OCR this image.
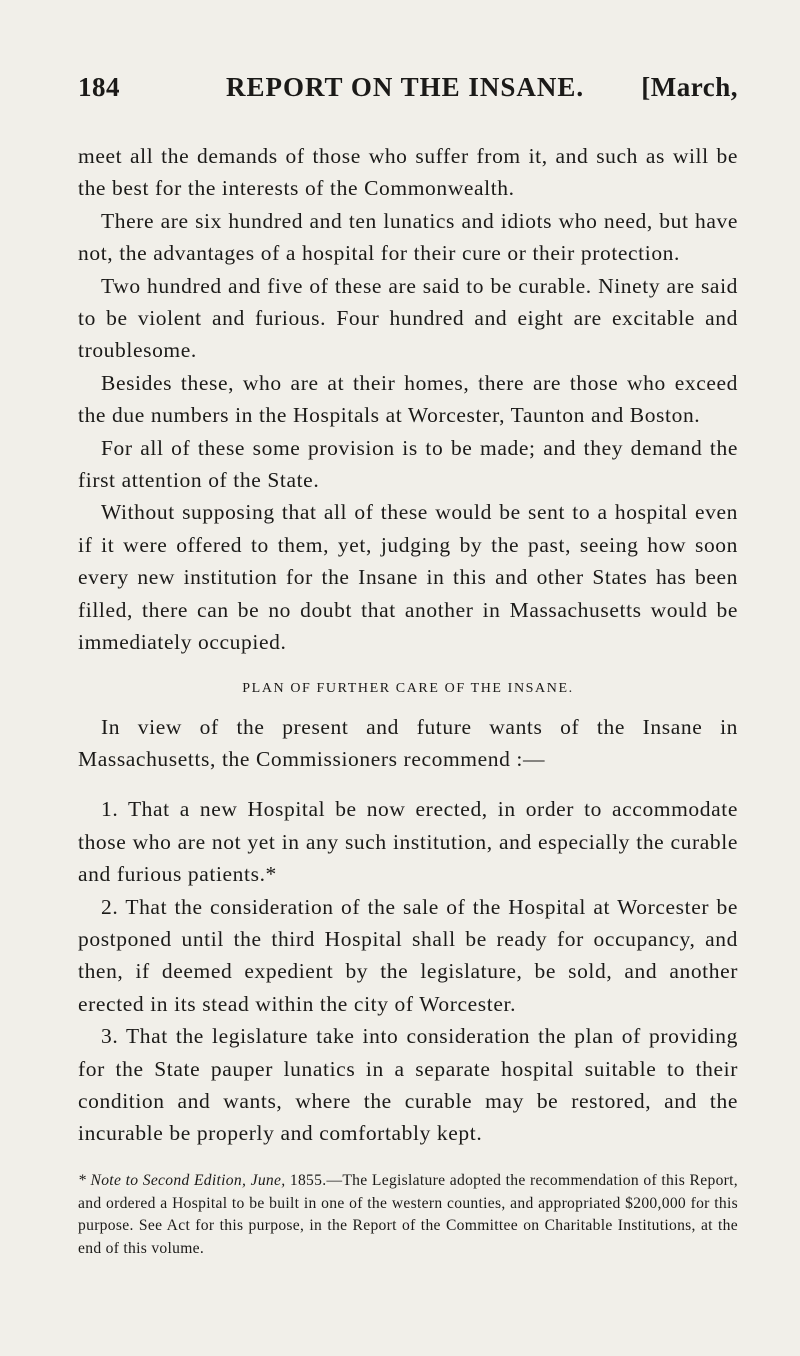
184	REPORT ON THE INSANE. [March,

meet all the demands of those who suffer from it, and such as will be the best for the interests of the Commonwealth.

There are six hundred and ten lunatics and idiots who need, but have not, the advantages of a hospital for their cure or their protection.

Two hundred and five of these are said to be curable. Ninety are said to be violent and furious. Four hundred and eight are excitable and troublesome.

Besides these, who are at their homes, there are those who exceed the due numbers in the Hospitals at Worcester, Taunton and Boston.

For all of these some provision is to be made; and they demand the first attention of the State.

Without supposing that all of these would be sent to a hospital even if it were offered to them, yet, judging by the past, seeing how soon every new institution for the Insane in this and other States has been filled, there can be no doubt that another in Massachusetts would be immediately occupied.

PLAN OF FURTHER CARE OF THE INSANE.

In view of the present and future wants of the Insane in Massachusetts, the Commissioners recommend :—

1. That a new Hospital be now erected, in order to accommodate those who are not yet in any such institution, and especially the curable and furious patients.*

2. That the consideration of the sale of the Hospital at Worcester be postponed until the third Hospital shall be ready for occupancy, and then, if deemed expedient by the legislature, be sold, and another erected in its stead within the city of Worcester.

3. That the legislature take into consideration the plan of providing for the State pauper lunatics in a separate hospital suitable to their condition and wants, where the curable may be restored, and the incurable be properly and comfortably kept.

* Note to Second Edition, June, 1855.—The Legislature adopted the recommendation of this Report, and ordered a Hospital to be built in one of the western counties, and appropriated $200,000 for this purpose. See Act for this purpose, in the Report of the Committee on Charitable Institutions, at the end of this volume.
